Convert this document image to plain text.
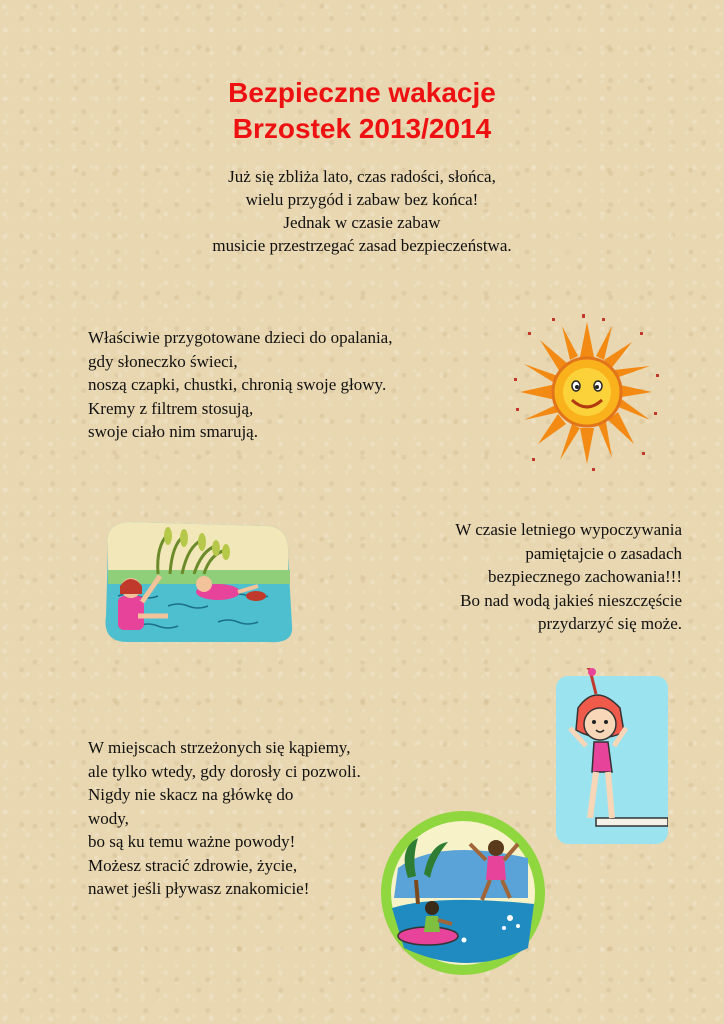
Bezpieczne wakacje
Brzostek 2013/2014
Już się zbliża lato, czas radości, słońca,
wielu przygód i zabaw bez końca!
Jednak w czasie zabaw
musicie przestrzegać zasad bezpieczeństwa.
Właściwie przygotowane dzieci do opalania,
gdy słoneczko świeci,
noszą czapki, chustki, chronią swoje głowy.
Kremy z filtrem stosują,
swoje ciało nim smarują.
W czasie letniego wypoczywania
pamiętajcie o zasadach
bezpiecznego zachowania!!!
Bo nad wodą jakieś nieszczęście
przydarzyć się może.
W miejscach strzeżonych się kąpiemy,
ale tylko wtedy, gdy dorosły ci pozwoli.
Nigdy nie skacz na główkę do
wody,
bo są ku temu ważne powody!
Możesz stracić zdrowie, życie,
nawet jeśli pływasz znakomicie!
